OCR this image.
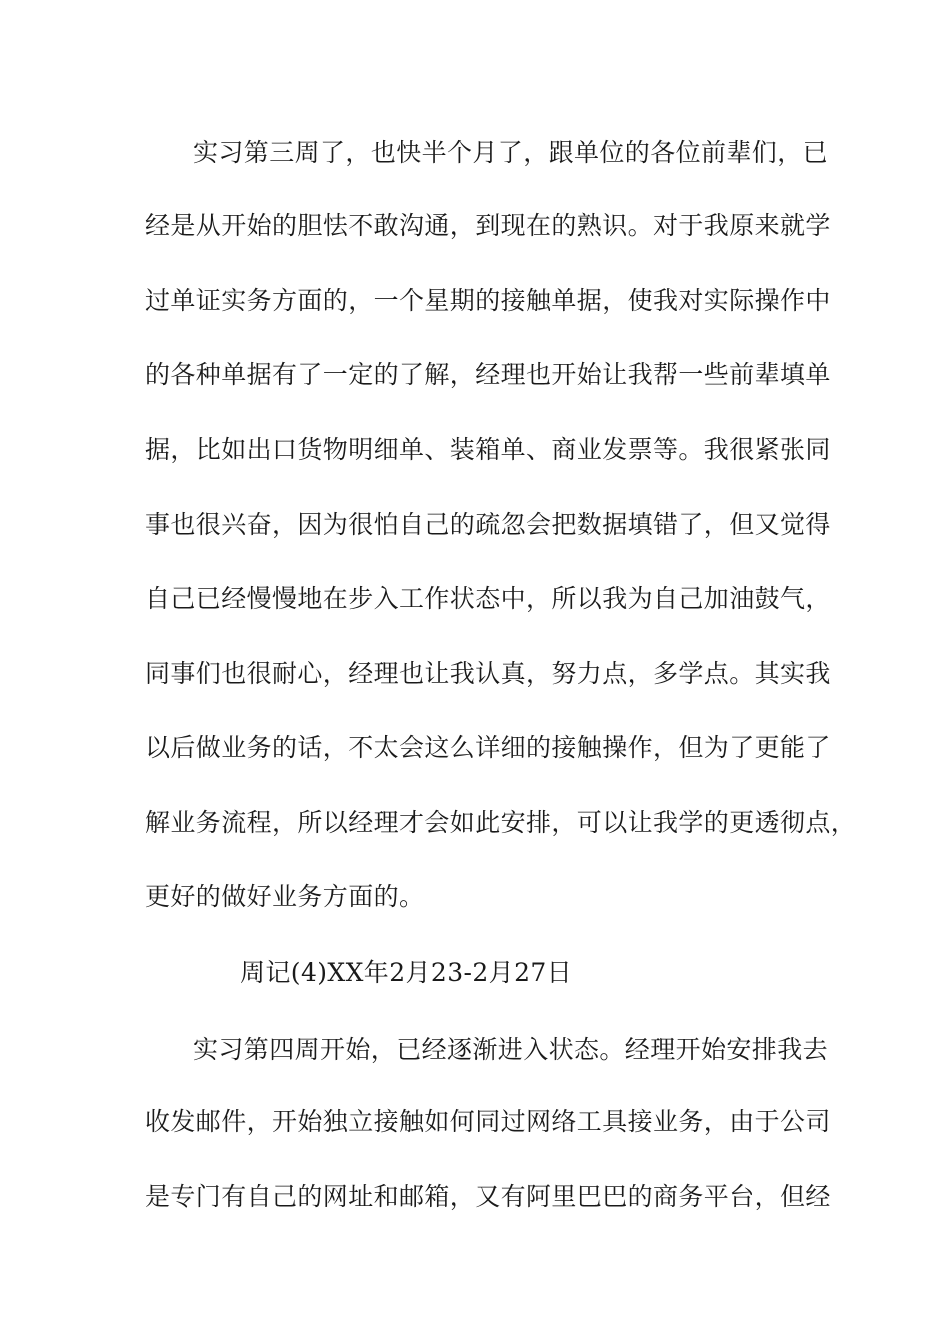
实习第三周了，也快半个月了，跟单位的各位前辈们，已
经是从开始的胆怯不敢沟通，到现在的熟识。对于我原来就学
过单证实务方面的，一个星期的接触单据，使我对实际操作中
的各种单据有了一定的了解，经理也开始让我帮一些前辈填单
据，比如出口货物明细单、装箱单、商业发票等。我很紧张同
事也很兴奋，因为很怕自己的疏忽会把数据填错了，但又觉得
自己已经慢慢地在步入工作状态中，所以我为自己加油鼓气，
同事们也很耐心，经理也让我认真，努力点，多学点。其实我
以后做业务的话，不太会这么详细的接触操作，但为了更能了
解业务流程，所以经理才会如此安排，可以让我学的更透彻点，
更好的做好业务方面的。
周记(4)XX年2月23-2月27日
实习第四周开始，已经逐渐进入状态。经理开始安排我去
收发邮件，开始独立接触如何同过网络工具接业务，由于公司
是专门有自己的网址和邮箱，又有阿里巴巴的商务平台，但经
